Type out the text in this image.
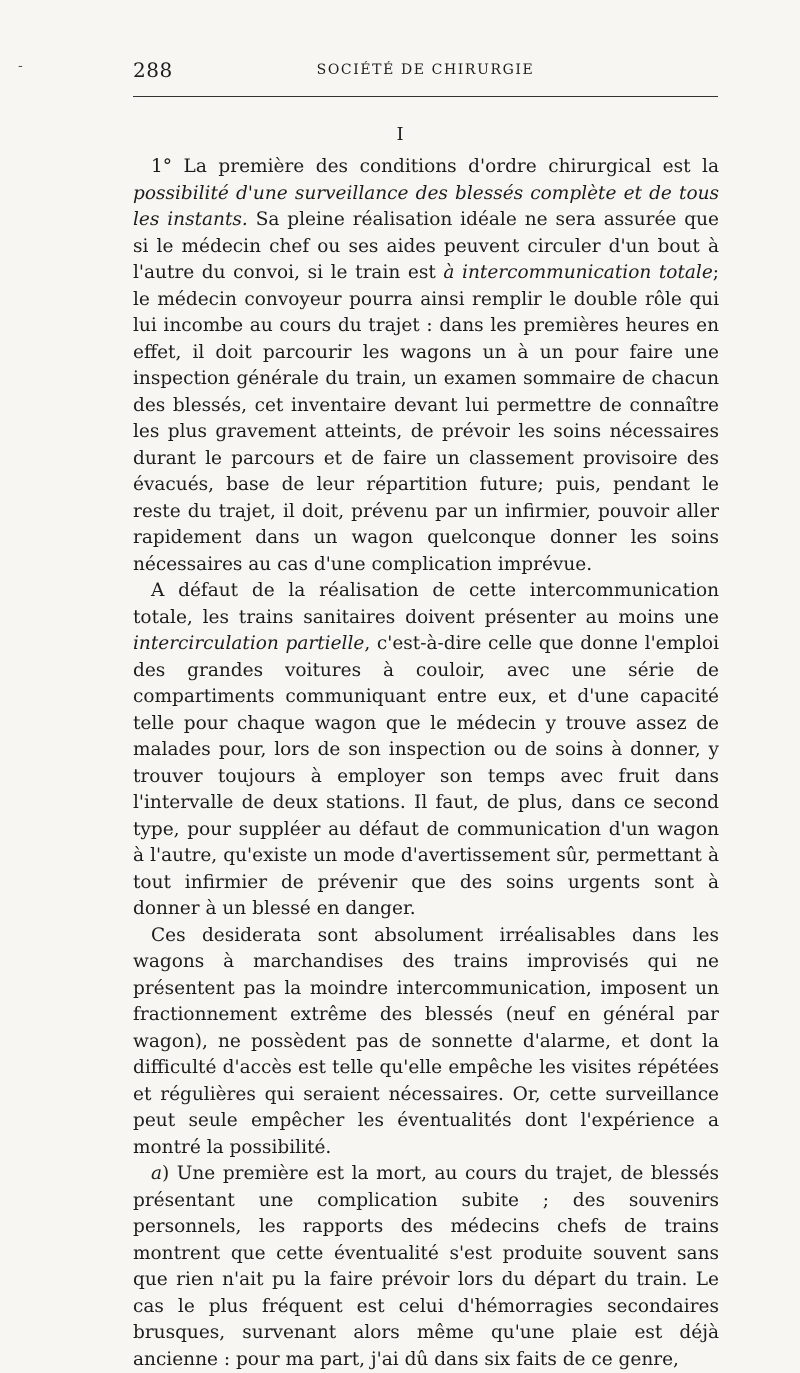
-	288	SOCIÉTÉ DE CHIRURGIE
I

1° La première des conditions d'ordre chirurgical est la possibilité d'une surveillance des blessés complète et de tous les instants. Sa pleine réalisation idéale ne sera assurée que si le médecin chef ou ses aides peuvent circuler d'un bout à l'autre du convoi, si le train est à intercommunication totale; le médecin convoyeur pourra ainsi remplir le double rôle qui lui incombe au cours du trajet : dans les premières heures en effet, il doit parcourir les wagons un à un pour faire une inspection générale du train, un examen sommaire de chacun des blessés, cet inventaire devant lui permettre de connaître les plus gravement atteints, de prévoir les soins nécessaires durant le parcours et de faire un classement provisoire des évacués, base de leur répartition future; puis, pendant le reste du trajet, il doit, prévenu par un infirmier, pouvoir aller rapidement dans un wagon quelconque donner les soins nécessaires au cas d'une complication imprévue.

A défaut de la réalisation de cette intercommunication totale, les trains sanitaires doivent présenter au moins une intercirculation partielle, c'est-à-dire celle que donne l'emploi des grandes voitures à couloir, avec une série de compartiments communiquant entre eux, et d'une capacité telle pour chaque wagon que le médecin y trouve assez de malades pour, lors de son inspection ou de soins à donner, y trouver toujours à employer son temps avec fruit dans l'intervalle de deux stations. Il faut, de plus, dans ce second type, pour suppléer au défaut de communication d'un wagon à l'autre, qu'existe un mode d'avertissement sûr, permettant à tout infirmier de prévenir que des soins urgents sont à donner à un blessé en danger.

Ces desiderata sont absolument irréalisables dans les wagons à marchandises des trains improvisés qui ne présentent pas la moindre intercommunication, imposent un fractionnement extrême des blessés (neuf en général par wagon), ne possèdent pas de sonnette d'alarme, et dont la difficulté d'accès est telle qu'elle empêche les visites répétées et régulières qui seraient nécessaires. Or, cette surveillance peut seule empêcher les éventualités dont l'expérience a montré la possibilité.

a) Une première est la mort, au cours du trajet, de blessés présentant une complication subite ; des souvenirs personnels, les rapports des médecins chefs de trains montrent que cette éventualité s'est produite souvent sans que rien n'ait pu la faire prévoir lors du départ du train. Le cas le plus fréquent est celui d'hémorragies secondaires brusques, survenant alors même qu'une plaie est déjà ancienne : pour ma part, j'ai dû dans six faits de ce genre,
